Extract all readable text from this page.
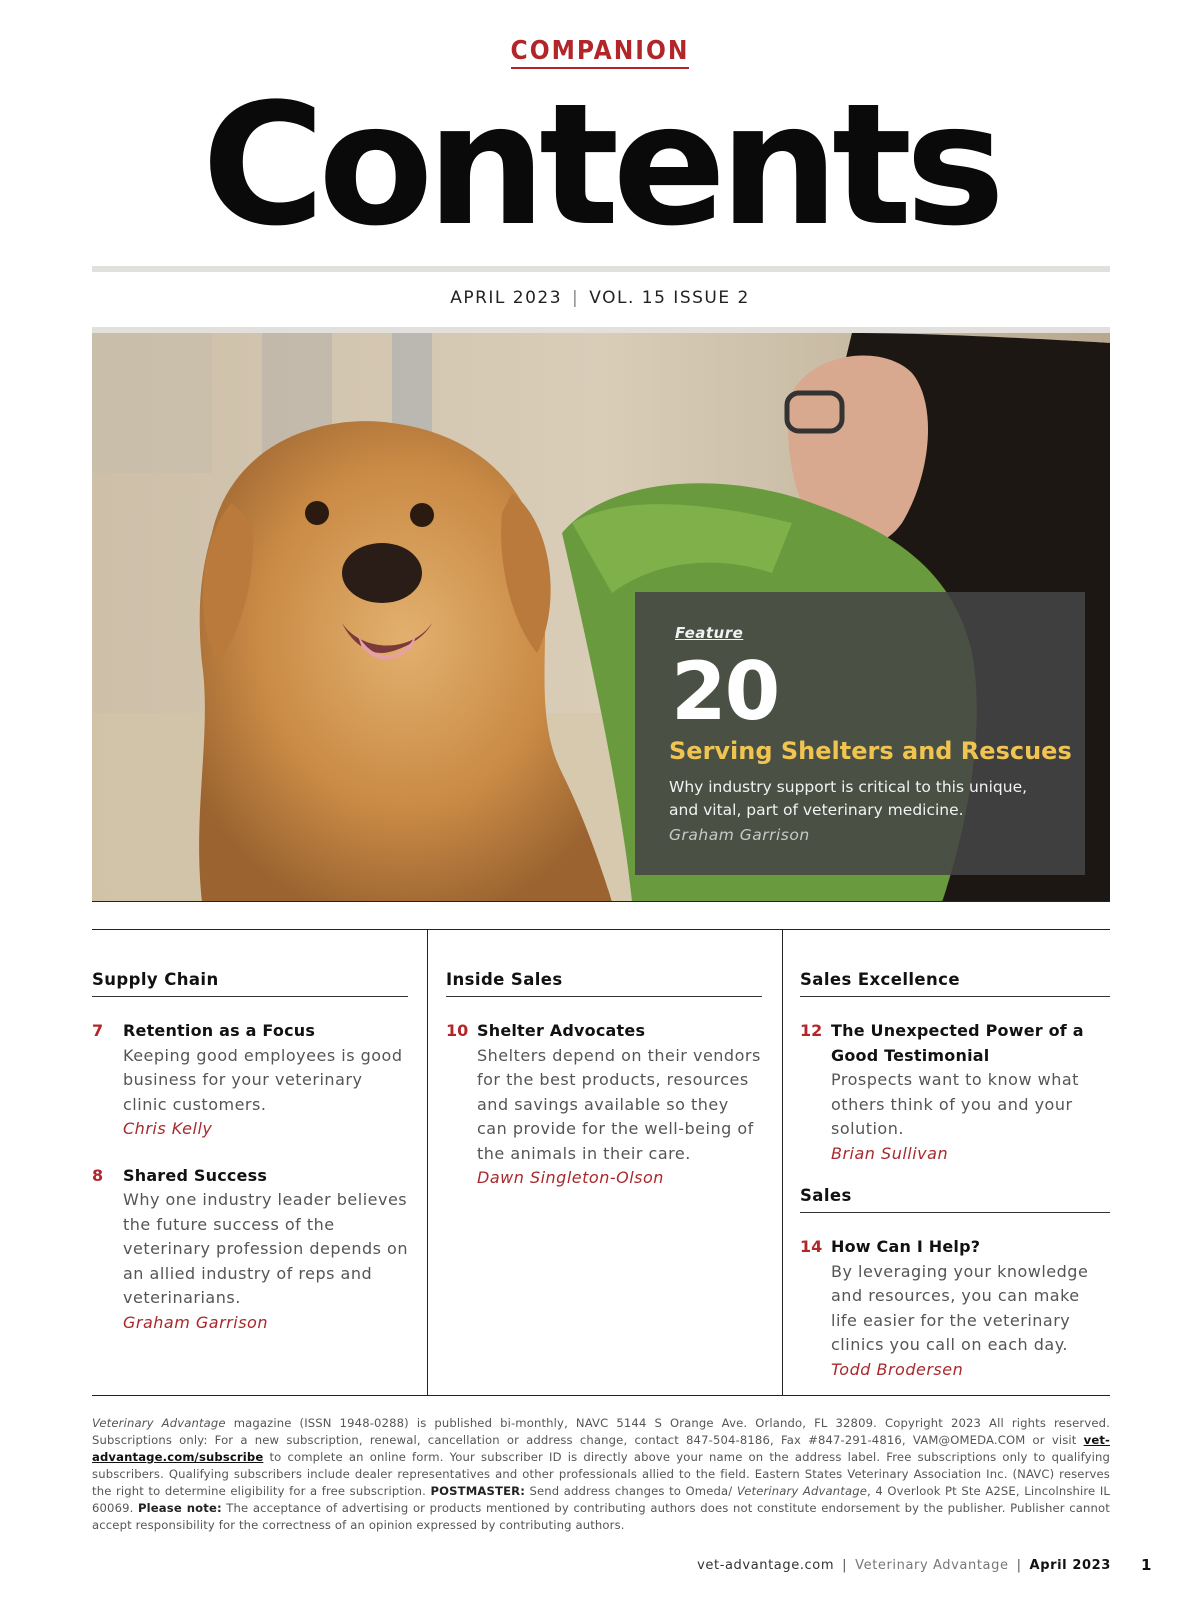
COMPANION
Contents
APRIL 2023 | VOL. 15 ISSUE 2
Feature
20
Serving Shelters and Rescues
Why industry support is critical to this unique, and vital, part of veterinary medicine.
Graham Garrison
Supply Chain
7	Retention as a Focus
Keeping good employees is good business for your veterinary clinic customers.
Chris Kelly
8	Shared Success
Why one industry leader believes the future success of the veterinary profession depends on an allied industry of reps and veterinarians.
Graham Garrison
Inside Sales
10 Shelter Advocates
Shelters depend on their vendors for the best products, resources and savings available so they can provide for the well-being of the animals in their care.
Dawn Singleton-Olson
Sales Excellence
12 The Unexpected Power of a Good Testimonial
Prospects want to know what others think of you and your solution.
Brian Sullivan
Sales
14 How Can I Help?
By leveraging your knowledge and resources, you can make life easier for the veterinary clinics you call on each day.
Todd Brodersen
Veterinary Advantage magazine (ISSN 1948-0288) is published bi-monthly, NAVC 5144 S Orange Ave. Orlando, FL 32809. Copyright 2023 All rights reserved. Subscriptions only: For a new subscription, renewal, cancellation or address change, contact 847-504-8186, Fax #847-291-4816, VAM@OMEDA.COM or visit vet-advantage.com/subscribe to complete an online form. Your subscriber ID is directly above your name on the address label. Free subscriptions only to qualifying subscribers. Qualifying subscribers include dealer representatives and other professionals allied to the field. Eastern States Veterinary Association Inc. (NAVC) reserves the right to determine eligibility for a free subscription. POSTMASTER: Send address changes to Omeda/ Veterinary Advantage, 4 Overlook Pt Ste A2SE, Lincolnshire IL 60069. Please note: The acceptance of advertising or products mentioned by contributing authors does not constitute endorsement by the publisher. Publisher cannot accept responsibility for the correctness of an opinion expressed by contributing authors.
vet-advantage.com | Veterinary Advantage | April 2023 1
